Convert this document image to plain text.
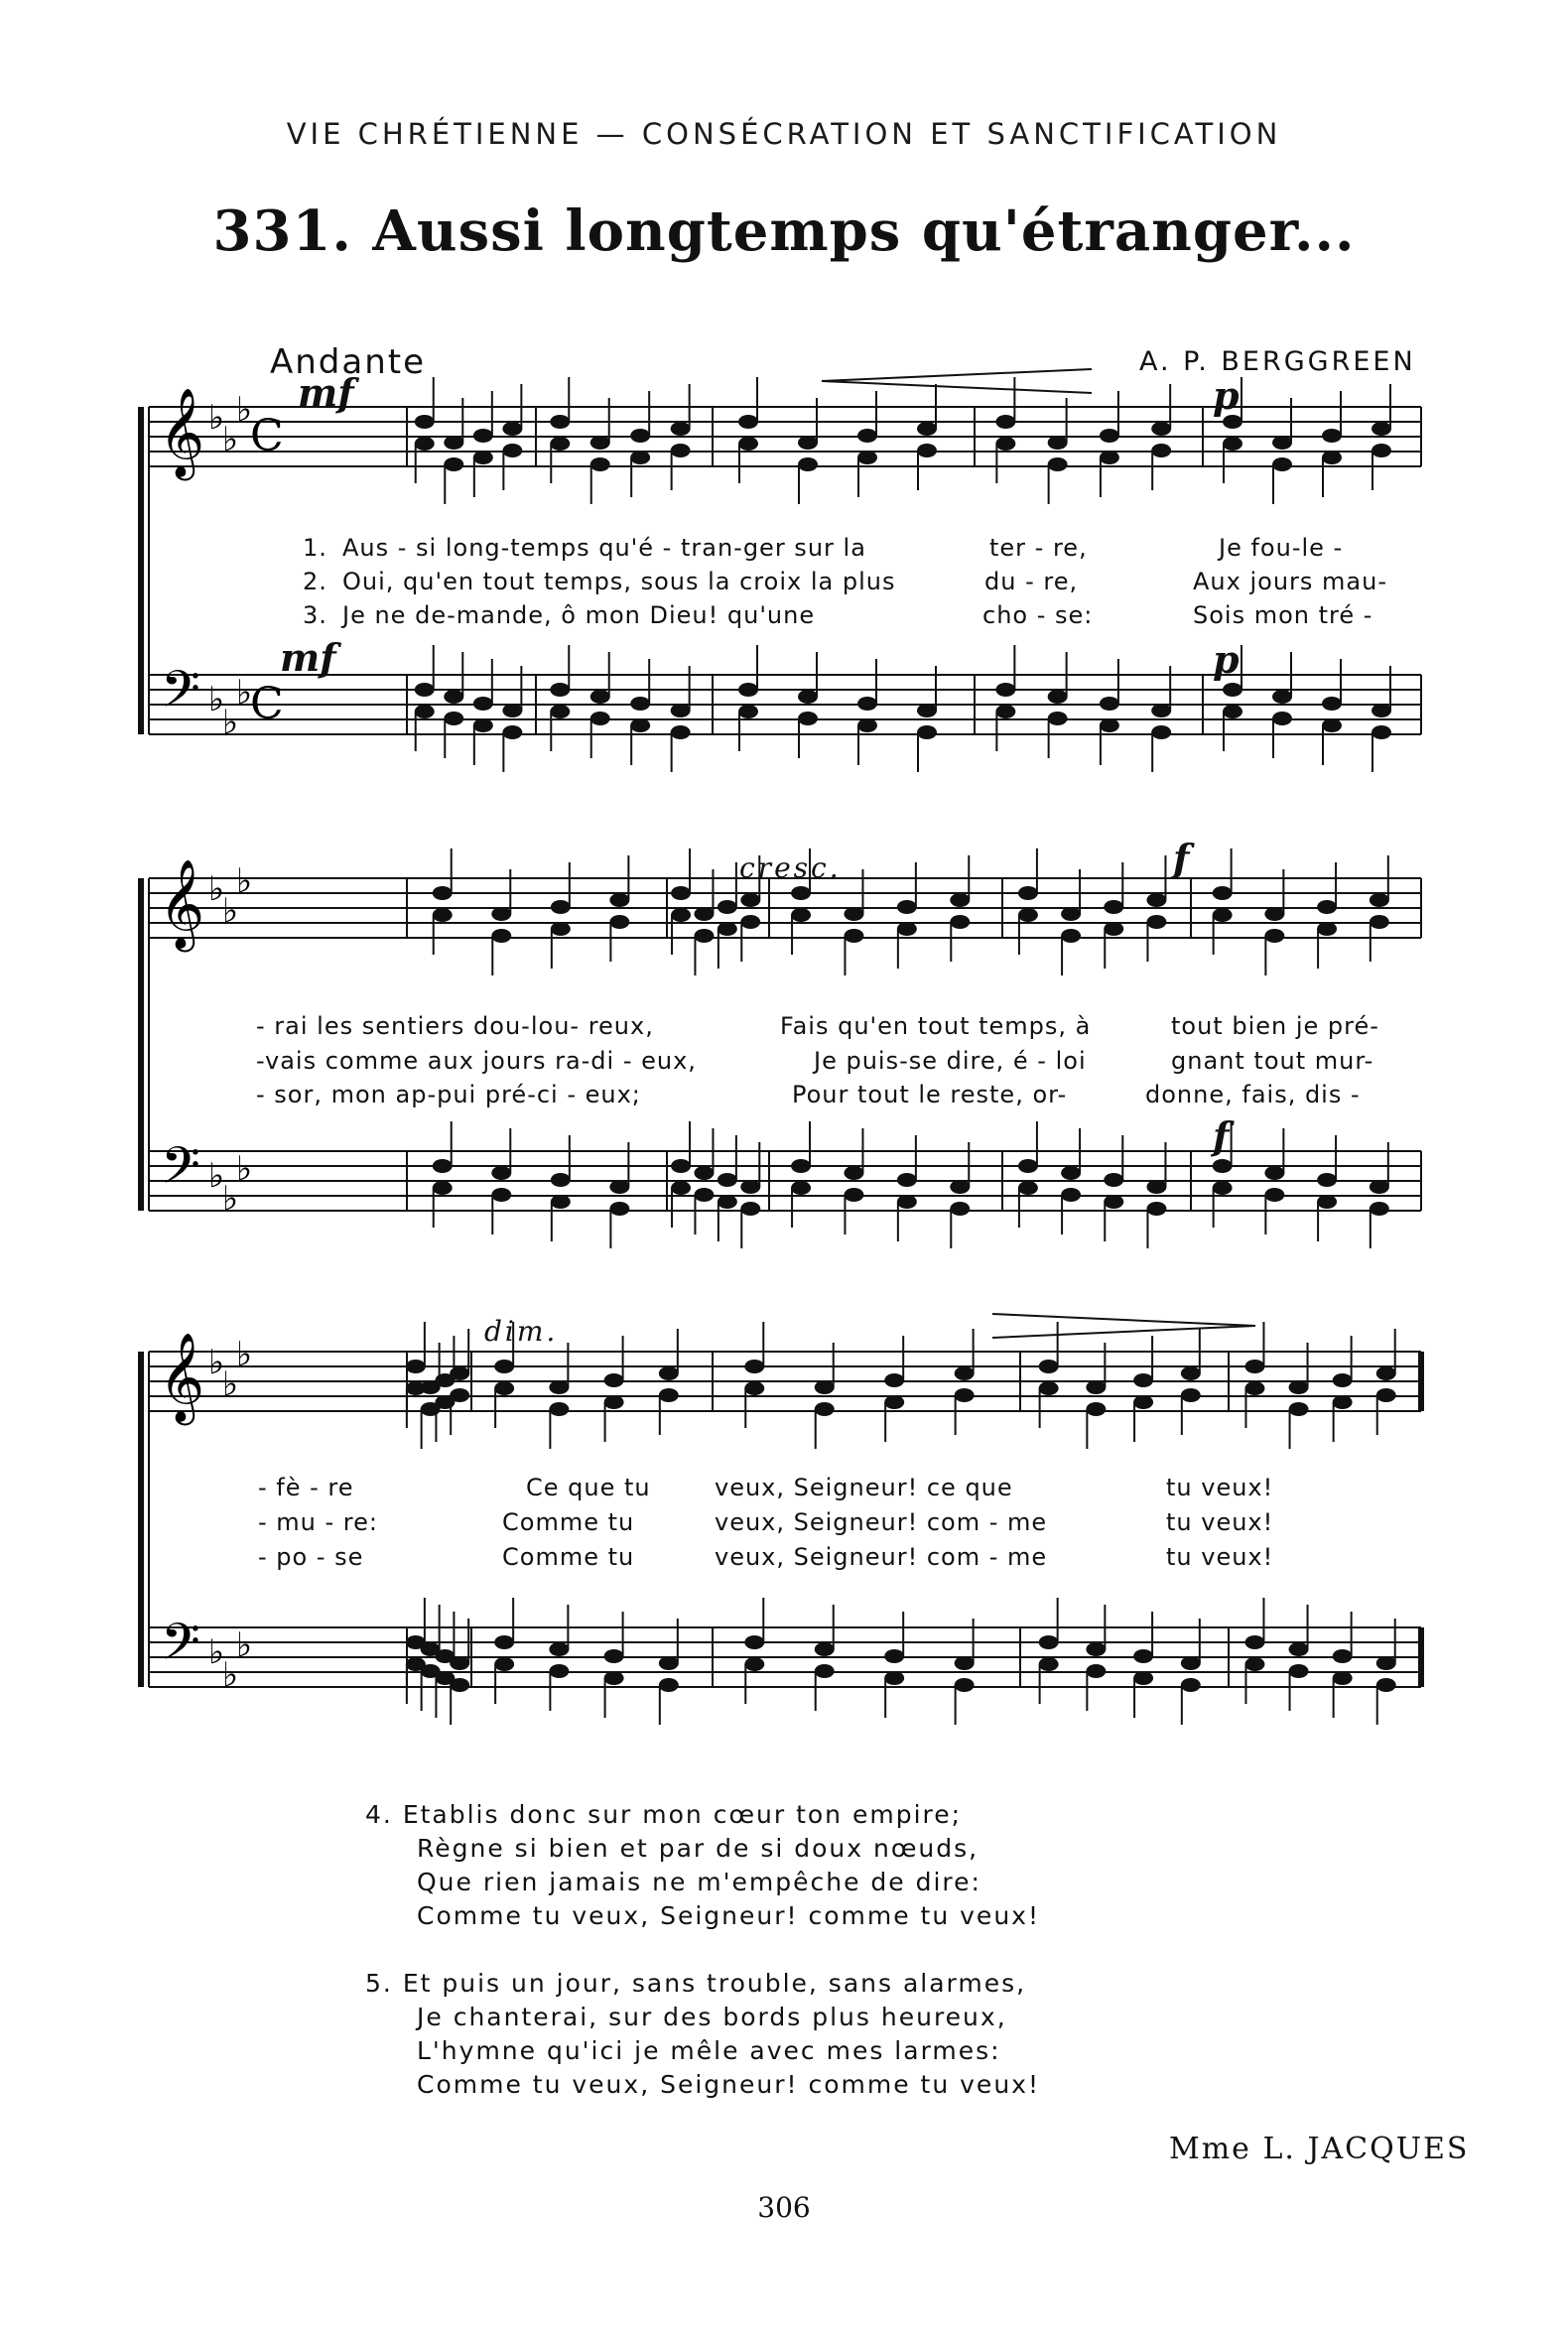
VIE CHRÉTIENNE — CONSÉCRATION ET SANCTIFICATION
331. Aussi longtemps qu'étranger...
Andante	A. P. BERGGREEN
𝄞
𝄢
♭
♭
♭
♭
♭
♭
C
C
𝄞
𝄢
♭
♭
♭
♭
♭
♭
𝄞
𝄢
♭
♭
♭
♭
♭
♭
mf	p
mf	p
cresc.	f
f
dim.
1. Aus - si long-temps qu'é - tran-ger sur la	ter - re,	Je fou-le -
2. Oui, qu'en tout temps, sous la croix la plus	du - re,	Aux jours mau-
3. Je ne de-mande, ô mon Dieu! qu'une	cho - se:	Sois mon tré -
- rai les sentiers dou-lou- reux,	Fais qu'en tout temps, à	tout bien je pré-
-vais comme aux jours ra-di - eux,	Je puis-se dire, é - loi	gnant tout mur-
- sor, mon ap-pui pré-ci - eux;	Pour tout le reste, or-	donne, fais, dis -
- fè - re	Ce que tu	veux, Seigneur! ce que	tu veux!
- mu - re:	Comme tu	veux, Seigneur! com - me	tu veux!
- po - se	Comme tu	veux, Seigneur! com - me	tu veux!
4. Etablis donc sur mon cœur ton empire;
Règne si bien et par de si doux nœuds,
Que rien jamais ne m'empêche de dire:
Comme tu veux, Seigneur! comme tu veux!
5. Et puis un jour, sans trouble, sans alarmes,
Je chanterai, sur des bords plus heureux,
L'hymne qu'ici je mêle avec mes larmes:
Comme tu veux, Seigneur! comme tu veux!
Mme L. JACQUES
306
